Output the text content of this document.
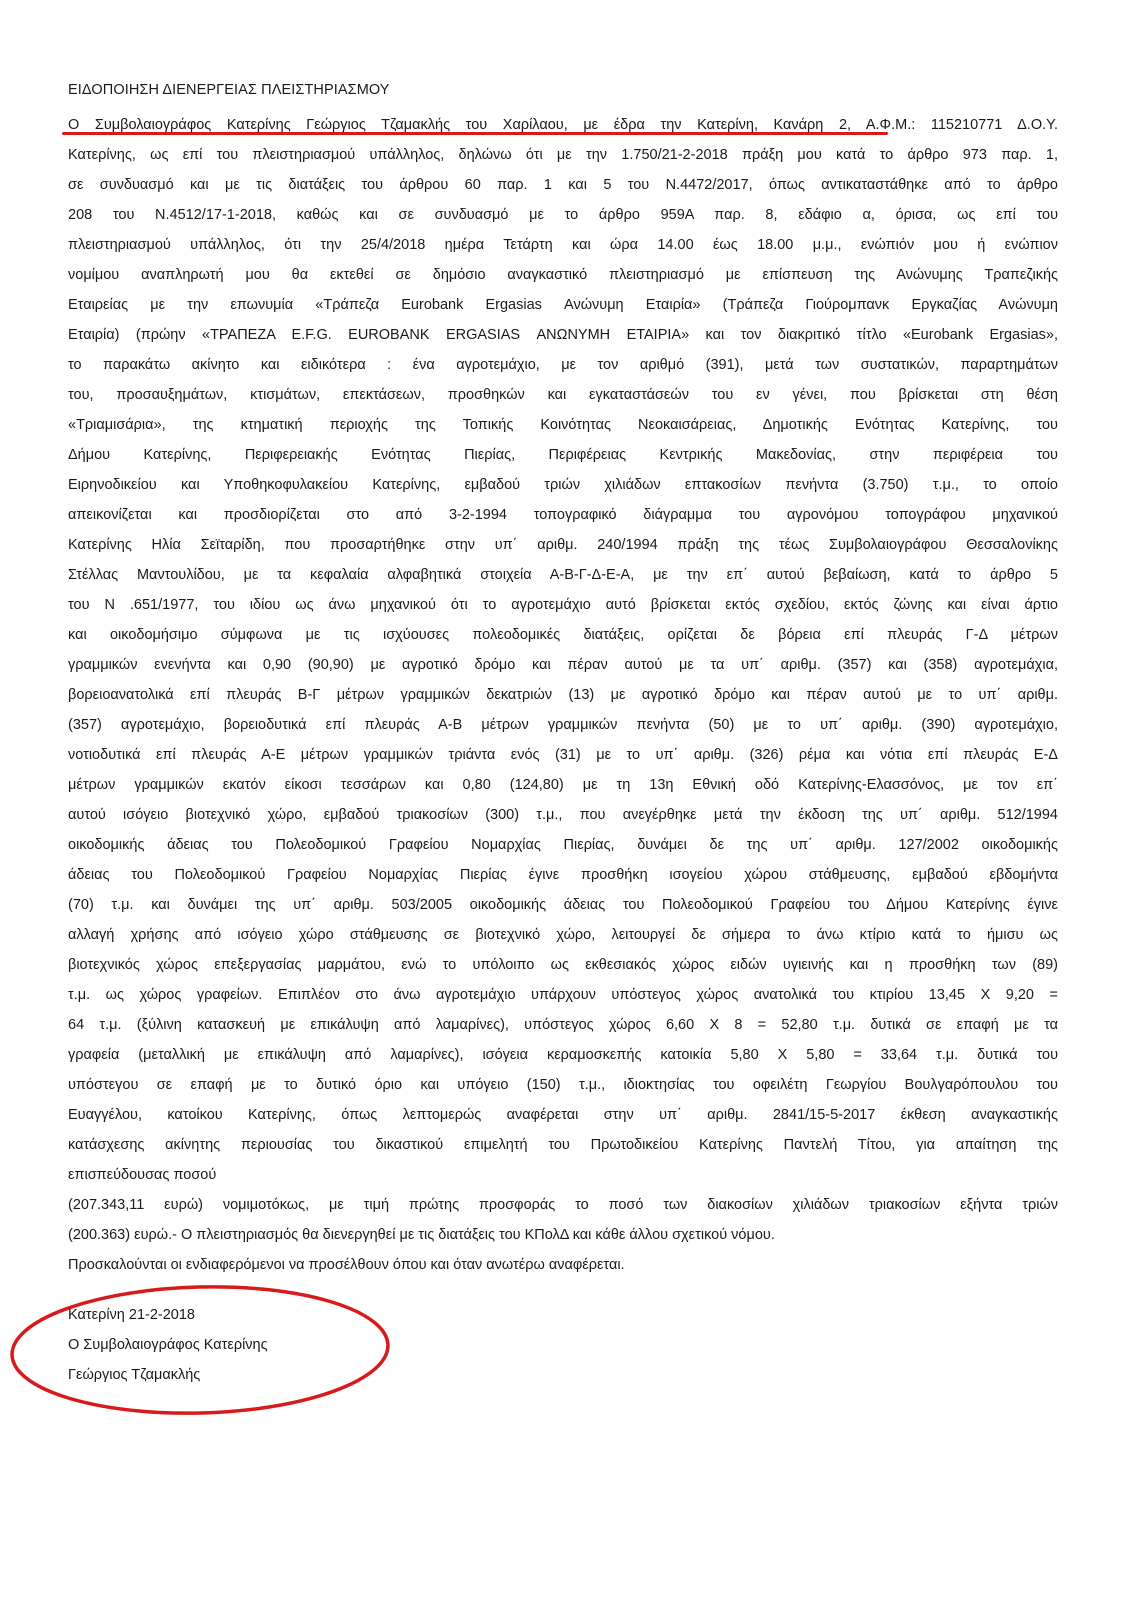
ΕΙΔΟΠΟΙΗΣΗ ΔΙΕΝΕΡΓΕΙΑΣ ΠΛΕΙΣΤΗΡΙΑΣΜΟΥ
Ο Συμβολαιογράφος Κατερίνης Γεώργιος Τζαμακλής του Χαρίλαου, με έδρα την Κατερίνη, Κανάρη 2, Α.Φ.Μ.: 115210771 Δ.Ο.Υ.
Κατερίνης, ως επί του πλειστηριασμού υπάλληλος, δηλώνω ότι με την 1.750/21-2-2018 πράξη μου κατά το άρθρο 973 παρ. 1,
σε συνδυασμό και με τις διατάξεις του άρθρου 60 παρ. 1 και 5 του Ν.4472/2017, όπως αντικαταστάθηκε από το άρθρο
208 του Ν.4512/17-1-2018, καθώς και σε συνδυασμό με το άρθρο 959Α παρ. 8, εδάφιο α, όρισα, ως επί του
πλειστηριασμού υπάλληλος, ότι την 25/4/2018 ημέρα Τετάρτη και ώρα 14.00 έως 18.00 μ.μ., ενώπιόν μου ή ενώπιον
νομίμου αναπληρωτή μου θα εκτεθεί σε δημόσιο αναγκαστικό πλειστηριασμό με επίσπευση της Ανώνυμης Τραπεζικής
Εταιρείας με την επωνυμία «Τράπεζα Eurobank Ergasias Ανώνυμη Εταιρία» (Τράπεζα Γιούρομπανκ Εργκαζίας Ανώνυμη
Εταιρία) (πρώην «ΤΡΑΠΕΖΑ E.F.G. EUROBANK ERGASIAS ΑΝΩΝΥΜΗ ΕΤΑΙΡΙΑ» και τον διακριτικό τίτλο «Eurobank Ergasias»,
το παρακάτω ακίνητο και ειδικότερα : ένα αγροτεμάχιο, με τον αριθμό (391), μετά των συστατικών, παραρτημάτων
του, προσαυξημάτων, κτισμάτων, επεκτάσεων, προσθηκών και εγκαταστάσεών του εν γένει, που βρίσκεται στη θέση
«Τριαμισάρια», της κτηματική περιοχής της Τοπικής Κοινότητας Νεοκαισάρειας, Δημοτικής Ενότητας Κατερίνης, του
Δήμου Κατερίνης, Περιφερειακής Ενότητας Πιερίας, Περιφέρειας Κεντρικής Μακεδονίας, στην περιφέρεια του
Ειρηνοδικείου και Υποθηκοφυλακείου Κατερίνης, εμβαδού τριών χιλιάδων επτακοσίων πενήντα (3.750) τ.μ., το οποίο
απεικονίζεται και προσδιορίζεται στο από 3-2-1994 τοπογραφικό διάγραμμα του αγρονόμου τοπογράφου μηχανικού
Κατερίνης Ηλία Σεϊταρίδη, που προσαρτήθηκε στην υπ΄ αριθμ. 240/1994 πράξη της τέως Συμβολαιογράφου Θεσσαλονίκης
Στέλλας Μαντουλίδου, με τα κεφαλαία αλφαβητικά στοιχεία Α-Β-Γ-Δ-Ε-Α, με την επ΄ αυτού βεβαίωση, κατά το άρθρο 5
του Ν .651/1977, του ιδίου ως άνω μηχανικού ότι το αγροτεμάχιο αυτό βρίσκεται εκτός σχεδίου, εκτός ζώνης και είναι άρτιο
και οικοδομήσιμο σύμφωνα με τις ισχύουσες πολεοδομικές διατάξεις, ορίζεται δε βόρεια επί πλευράς Γ-Δ μέτρων
γραμμικών ενενήντα και 0,90 (90,90) με αγροτικό δρόμο και πέραν αυτού με τα υπ΄ αριθμ. (357) και (358) αγροτεμάχια,
βορειοανατολικά επί πλευράς Β-Γ μέτρων γραμμικών δεκατριών (13) με αγροτικό δρόμο και πέραν αυτού με το υπ΄ αριθμ.
(357) αγροτεμάχιο, βορειοδυτικά επί πλευράς Α-Β μέτρων γραμμικών πενήντα (50) με το υπ΄ αριθμ. (390) αγροτεμάχιο,
νοτιοδυτικά επί πλευράς Α-Ε μέτρων γραμμικών τριάντα ενός (31) με το υπ΄ αριθμ. (326) ρέμα και νότια επί πλευράς Ε-Δ
μέτρων γραμμικών εκατόν είκοσι τεσσάρων και 0,80 (124,80) με τη 13η Εθνική οδό Κατερίνης-Ελασσόνος, με τον επ΄
αυτού ισόγειο βιοτεχνικό χώρο, εμβαδού τριακοσίων (300) τ.μ., που ανεγέρθηκε μετά την έκδοση της υπ΄ αριθμ. 512/1994
οικοδομικής άδειας του Πολεοδομικού Γραφείου Νομαρχίας Πιερίας, δυνάμει δε της υπ΄ αριθμ. 127/2002 οικοδομικής
άδειας του Πολεοδομικού Γραφείου Νομαρχίας Πιερίας έγινε προσθήκη ισογείου χώρου στάθμευσης, εμβαδού εβδομήντα
(70) τ.μ. και δυνάμει της υπ΄ αριθμ. 503/2005 οικοδομικής άδειας του Πολεοδομικού Γραφείου του Δήμου Κατερίνης έγινε
αλλαγή χρήσης από ισόγειο χώρο στάθμευσης σε βιοτεχνικό χώρο, λειτουργεί δε σήμερα το άνω κτίριο κατά το ήμισυ ως
βιοτεχνικός χώρος επεξεργασίας μαρμάτου, ενώ το υπόλοιπο ως εκθεσιακός χώρος ειδών υγιεινής και η προσθήκη των (89)
τ.μ. ως χώρος γραφείων. Επιπλέον στο άνω αγροτεμάχιο υπάρχουν υπόστεγος χώρος ανατολικά του κτιρίου 13,45 Χ 9,20 =
64 τ.μ. (ξύλινη κατασκευή με επικάλυψη από λαμαρίνες), υπόστεγος χώρος 6,60 Χ 8 = 52,80 τ.μ. δυτικά σε επαφή με τα
γραφεία (μεταλλική με επικάλυψη από λαμαρίνες), ισόγεια κεραμοσκεπής κατοικία 5,80 Χ 5,80 = 33,64 τ.μ. δυτικά του
υπόστεγου σε επαφή με το δυτικό όριο και υπόγειο (150) τ.μ., ιδιοκτησίας του οφειλέτη Γεωργίου Βουλγαρόπουλου του
Ευαγγέλου, κατοίκου Κατερίνης, όπως λεπτομερώς αναφέρεται στην υπ΄ αριθμ. 2841/15-5-2017 έκθεση αναγκαστικής
κατάσχεσης ακίνητης περιουσίας του δικαστικού επιμελητή του Πρωτοδικείου Κατερίνης Παντελή Τίτου, για απαίτηση της
επισπεύδουσας ποσού
(207.343,11 ευρώ) νομιμοτόκως, με τιμή πρώτης προσφοράς το ποσό των διακοσίων χιλιάδων τριακοσίων εξήντα τριών
(200.363) ευρώ.- Ο πλειστηριασμός θα διενεργηθεί με τις διατάξεις του ΚΠολΔ και κάθε άλλου σχετικού νόμου.
Προσκαλούνται οι ενδιαφερόμενοι να προσέλθουν όπου και όταν ανωτέρω αναφέρεται.
Κατερίνη 21-2-2018
Ο Συμβολαιογράφος Κατερίνης
Γεώργιος Τζαμακλής
